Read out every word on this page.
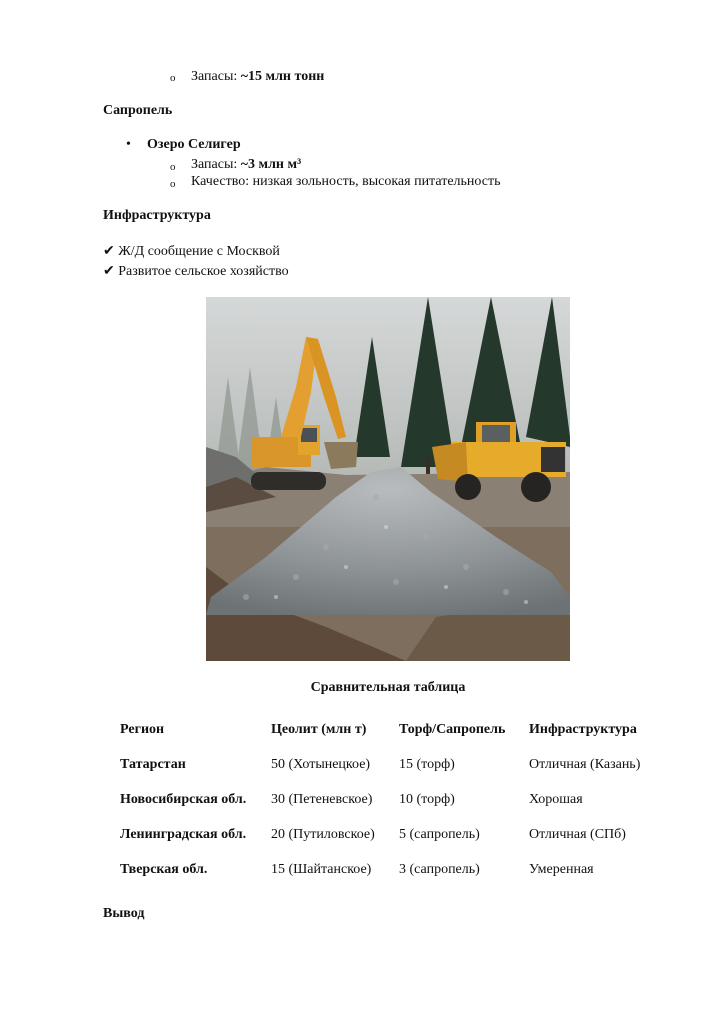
o Запасы: ~15 млн тонн
Сапропель
• Озеро Селигер
o Запасы: ~3 млн м³
o Качество: низкая зольность, высокая питательность
Инфраструктура
✔ Ж/Д сообщение с Москвой
✔ Развитое сельское хозяйство
Сравнительная таблица
Регион	Цеолит (млн т)	Торф/Сапропель	Инфраструктура
Татарстан	50 (Хотынецкое)	15 (торф)	Отличная (Казань)
Новосибирская обл.	30 (Петеневское)	10 (торф)	Хорошая
Ленинградская обл.	20 (Путиловское)	5 (сапропель)	Отличная (СПб)
Тверская обл.	15 (Шайтанское)	3 (сапропель)	Умеренная
Вывод
